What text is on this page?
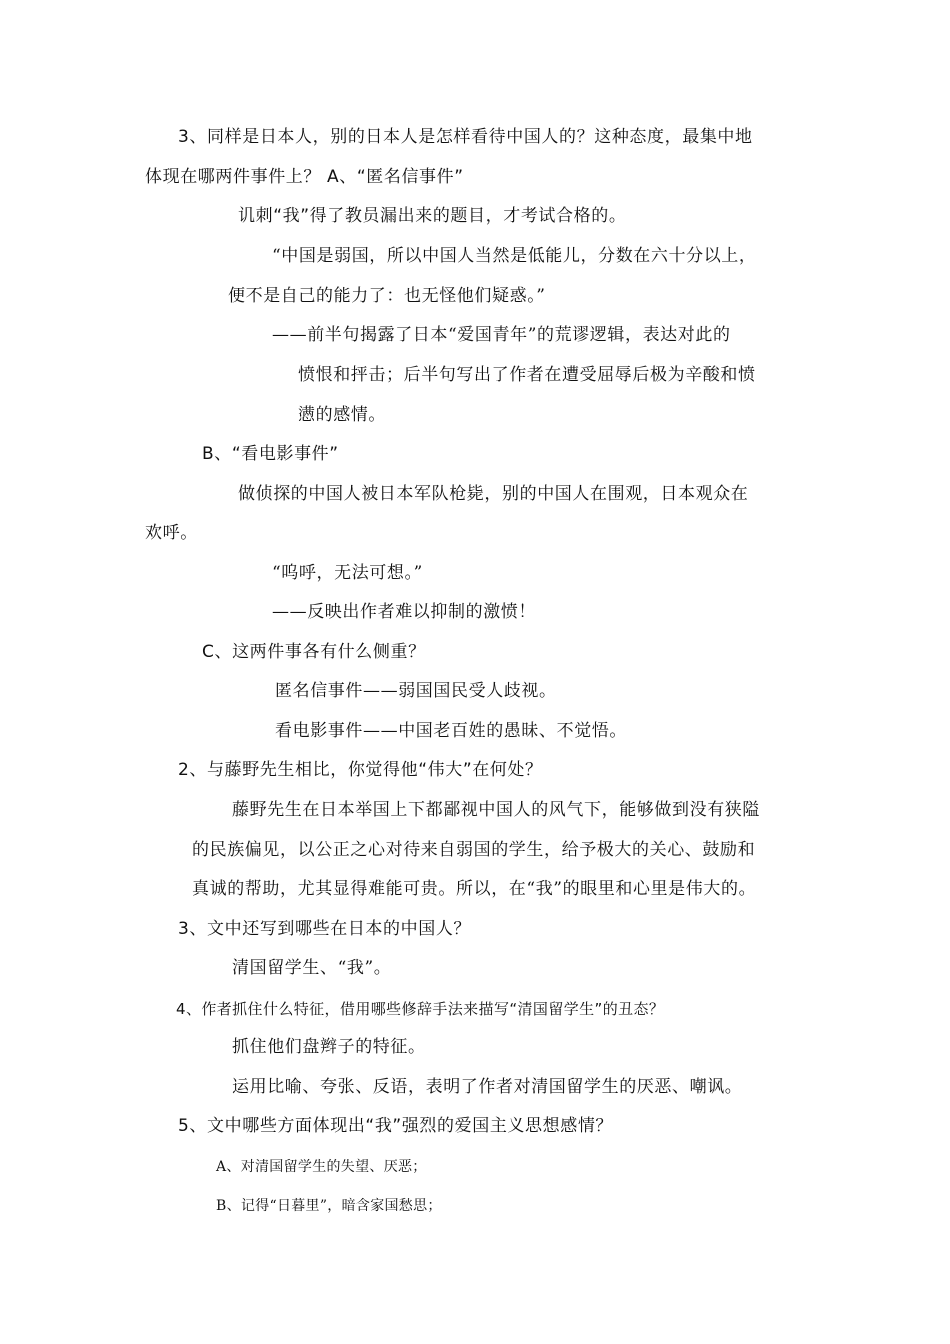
3、同样是日本人，别的日本人是怎样看待中国人的？这种态度，最集中地
体现在哪两件事件上？ A、“匿名信事件”
讥刺“我”得了教员漏出来的题目，才考试合格的。
“中国是弱国，所以中国人当然是低能儿，分数在六十分以上，
便不是自己的能力了：也无怪他们疑惑。”
——前半句揭露了日本“爱国青年”的荒谬逻辑，表达对此的
愤恨和抨击；后半句写出了作者在遭受屈辱后极为辛酸和愤
懑的感情。
B、“看电影事件”
做侦探的中国人被日本军队枪毙，别的中国人在围观，日本观众在
欢呼。
“呜呼，无法可想。”
——反映出作者难以抑制的激愤！
C、这两件事各有什么侧重？
匿名信事件——弱国国民受人歧视。
看电影事件——中国老百姓的愚昧、不觉悟。
2、与藤野先生相比，你觉得他“伟大”在何处？
藤野先生在日本举国上下都鄙视中国人的风气下，能够做到没有狭隘
的民族偏见，以公正之心对待来自弱国的学生，给予极大的关心、鼓励和
真诚的帮助，尤其显得难能可贵。所以，在“我”的眼里和心里是伟大的。
3、文中还写到哪些在日本的中国人？
清国留学生、“我”。
4、作者抓住什么特征，借用哪些修辞手法来描写“清国留学生”的丑态？
抓住他们盘辫子的特征。
运用比喻、夸张、反语，表明了作者对清国留学生的厌恶、嘲讽。
5、文中哪些方面体现出“我”强烈的爱国主义思想感情？
A、对清国留学生的失望、厌恶；
B、记得“日暮里”，暗含家国愁思；
